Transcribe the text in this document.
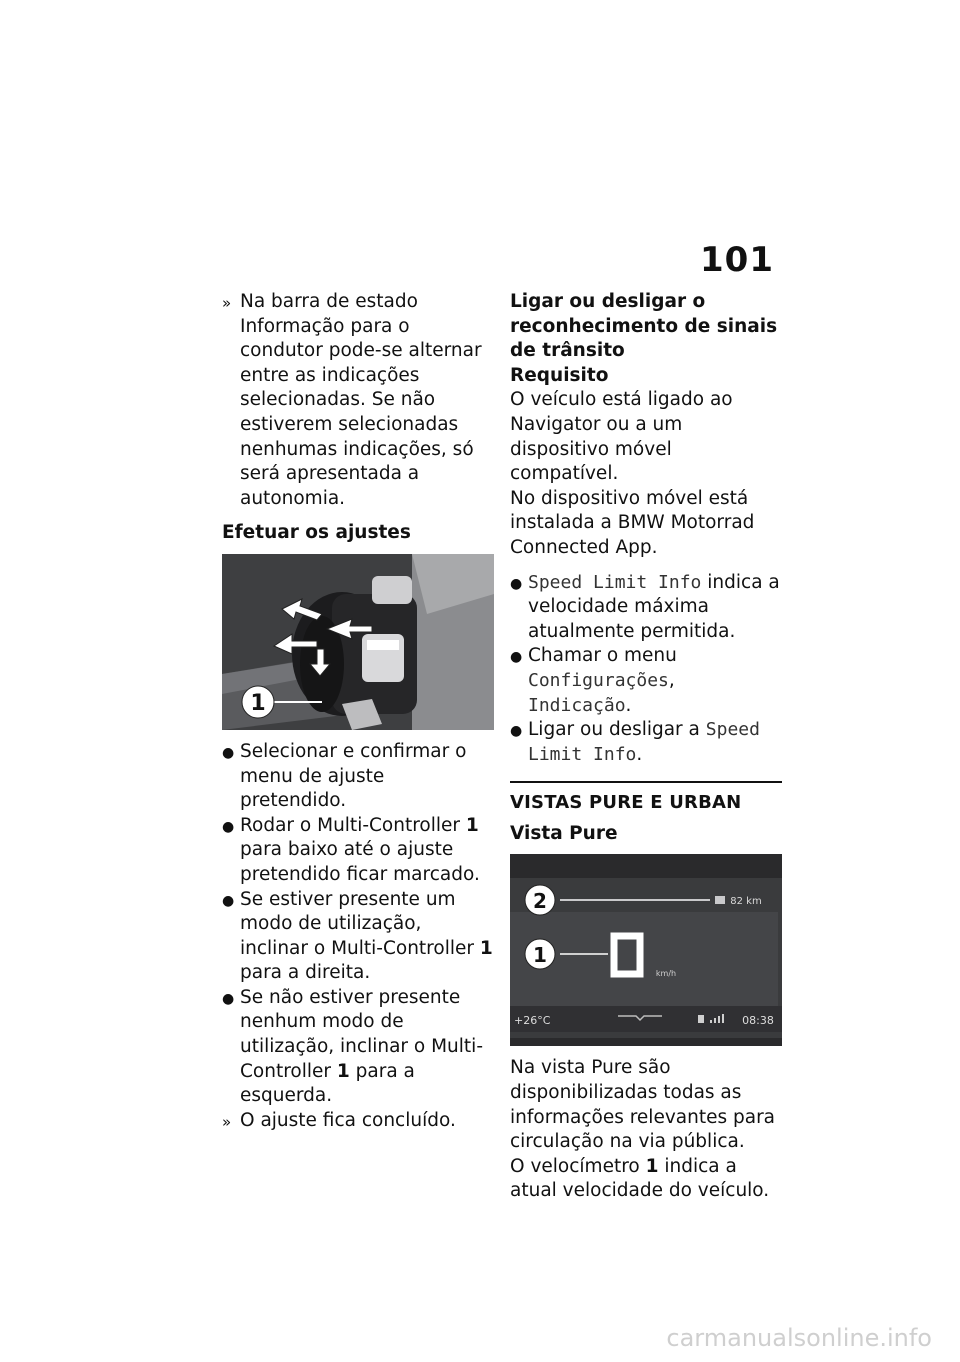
101
» Na barra de estado Informação para o condutor pode-se alternar entre as indicações selecionadas. Se não estiverem selecionadas nenhumas indicações, só será apresentada a autonomia.

Efetuar os ajustes

1
● Selecionar e confirmar o menu de ajuste pretendido.

● Rodar o Multi-Controller 1 para baixo até o ajuste pretendido ficar marcado.

● Se estiver presente um modo de utilização, inclinar o Multi-Controller 1 para a direita.

● Se não estiver presente nenhum modo de utilização, inclinar o Multi-Controller 1 para a esquerda.

» O ajuste fica concluído.

Ligar ou desligar o reconhecimento de sinais de trânsito

Requisito

O veículo está ligado ao Navigator ou a um dispositivo móvel compatível.

No dispositivo móvel está instalada a BMW Motorrad Connected App.

● Speed Limit Info indica a velocidade máxima atualmente permitida.

● Chamar o menu Configurações, Indicação.

● Ligar ou desligar a Speed Limit Info.

VISTAS PURE E URBAN

Vista Pure

82 km
km/h
+26°C	08:38
2
1

Na vista Pure são disponibilizadas todas as informações relevantes para circulação na via pública.

O velocímetro 1 indica a atual velocidade do veículo.

carmanualsonline.info
